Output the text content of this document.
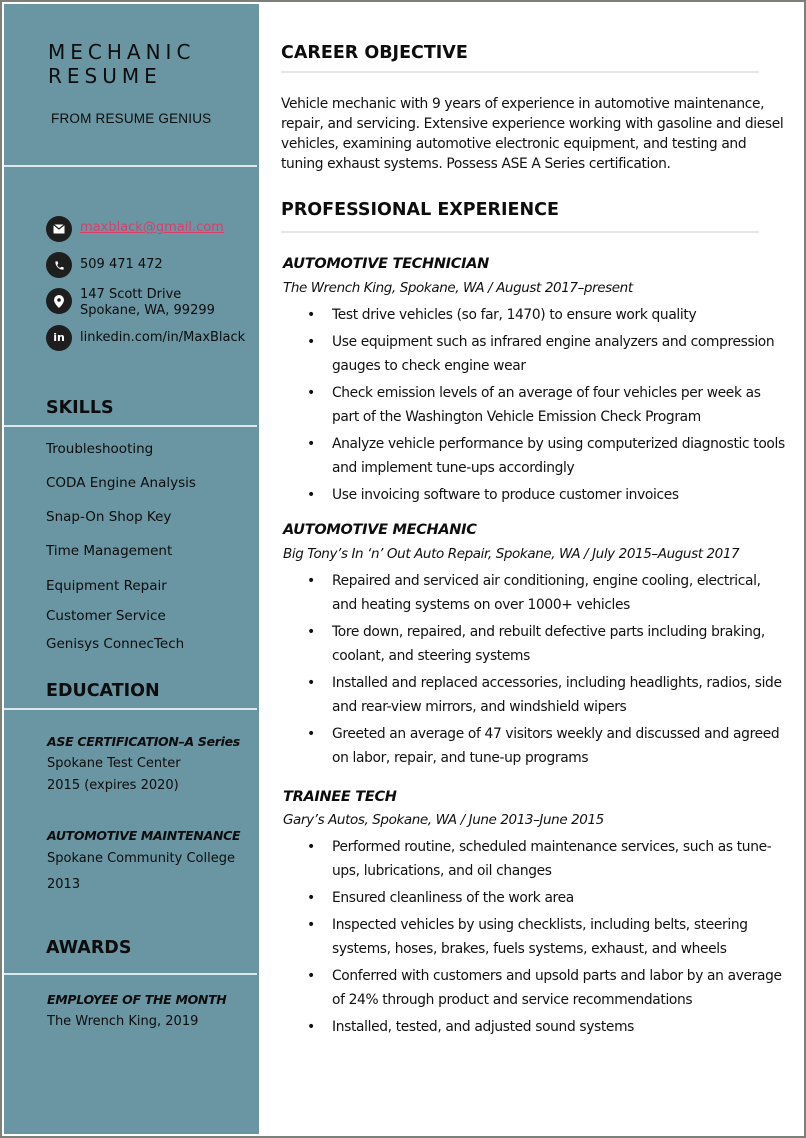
MECHANIC
RESUME
FROM RESUME GENIUS
maxblack@gmail.com
509 471 472
147 Scott Drive
Spokane, WA, 99299
in	linkedin.com/in/MaxBlack
SKILLS
Troubleshooting
CODA Engine Analysis
Snap-On Shop Key
Time Management
Equipment Repair
Customer Service
Genisys ConnecTech
EDUCATION
ASE CERTIFICATION–A Series
Spokane Test Center
2015 (expires 2020)
AUTOMOTIVE MAINTENANCE
Spokane Community College
2013
AWARDS
EMPLOYEE OF THE MONTH
The Wrench King, 2019
CAREER OBJECTIVE
Vehicle mechanic with 9 years of experience in automotive maintenance, repair, and servicing. Extensive experience working with gasoline and diesel vehicles, examining automotive electronic equipment, and testing and tuning exhaust systems. Possess ASE A Series certification.
PROFESSIONAL EXPERIENCE
AUTOMOTIVE TECHNICIAN
The Wrench King, Spokane, WA / August 2017–present
• Test drive vehicles (so far, 1470) to ensure work quality
• Use equipment such as infrared engine analyzers and compression gauges to check engine wear
• Check emission levels of an average of four vehicles per week as part of the Washington Vehicle Emission Check Program
• Analyze vehicle performance by using computerized diagnostic tools and implement tune-ups accordingly
• Use invoicing software to produce customer invoices
AUTOMOTIVE MECHANIC
Big Tony’s In ‘n’ Out Auto Repair, Spokane, WA / July 2015–August 2017
• Repaired and serviced air conditioning, engine cooling, electrical, and heating systems on over 1000+ vehicles
• Tore down, repaired, and rebuilt defective parts including braking, coolant, and steering systems
• Installed and replaced accessories, including headlights, radios, side and rear-view mirrors, and windshield wipers
• Greeted an average of 47 visitors weekly and discussed and agreed on labor, repair, and tune-up programs
TRAINEE TECH
Gary’s Autos, Spokane, WA / June 2013–June 2015
• Performed routine, scheduled maintenance services, such as tune-ups, lubrications, and oil changes
• Ensured cleanliness of the work area
• Inspected vehicles by using checklists, including belts, steering systems, hoses, brakes, fuels systems, exhaust, and wheels
• Conferred with customers and upsold parts and labor by an average of 24% through product and service recommendations
• Installed, tested, and adjusted sound systems
